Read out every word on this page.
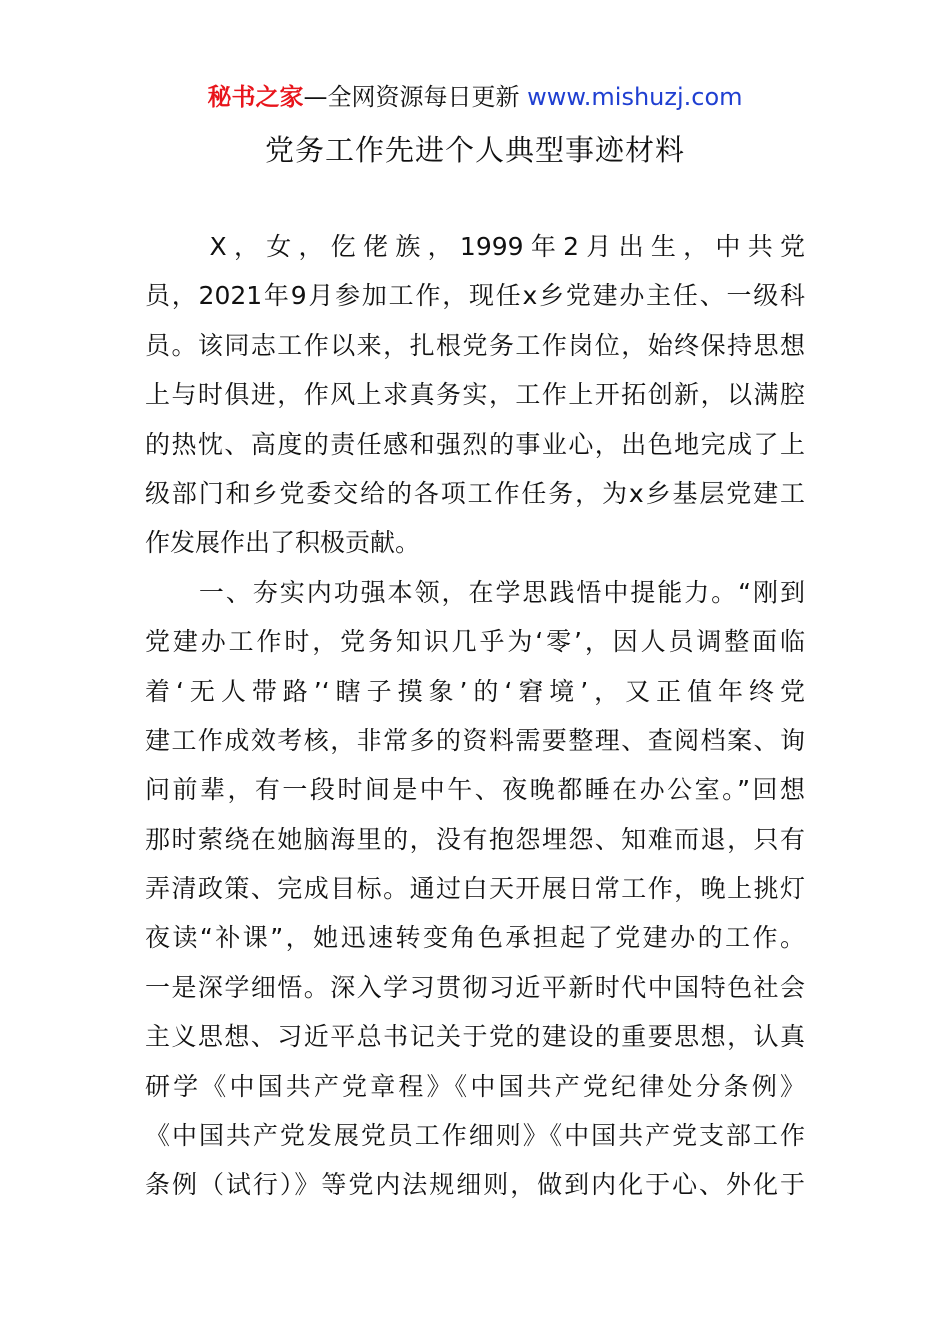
秘书之家—全网资源每日更新 www.mishuzj.com
党务工作先进个人典型事迹材料
　　X，女，仡佬族，1999年2月出生，中共党
员，2021年9月参加工作，现任x乡党建办主任、一级科
员。该同志工作以来，扎根党务工作岗位，始终保持思想
上与时俱进，作风上求真务实，工作上开拓创新，以满腔
的热忱、高度的责任感和强烈的事业心，出色地完成了上
级部门和乡党委交给的各项工作任务，为x乡基层党建工
作发展作出了积极贡献。
　　一、夯实内功强本领，在学思践悟中提能力。“刚到
党建办工作时，党务知识几乎为‘零’，因人员调整面临
着‘无人带路’‘瞎子摸象’的‘窘境’，又正值年终党
建工作成效考核，非常多的资料需要整理、查阅档案、询
问前辈，有一段时间是中午、夜晚都睡在办公室。”回想
那时萦绕在她脑海里的，没有抱怨埋怨、知难而退，只有
弄清政策、完成目标。通过白天开展日常工作，晚上挑灯
夜读“补课”，她迅速转变角色承担起了党建办的工作。
一是深学细悟。深入学习贯彻习近平新时代中国特色社会
主义思想、习近平总书记关于党的建设的重要思想，认真
研学《中国共产党章程》《中国共产党纪律处分条例》
《中国共产党发展党员工作细则》《中国共产党支部工作
条例（试行）》等党内法规细则，做到内化于心、外化于
